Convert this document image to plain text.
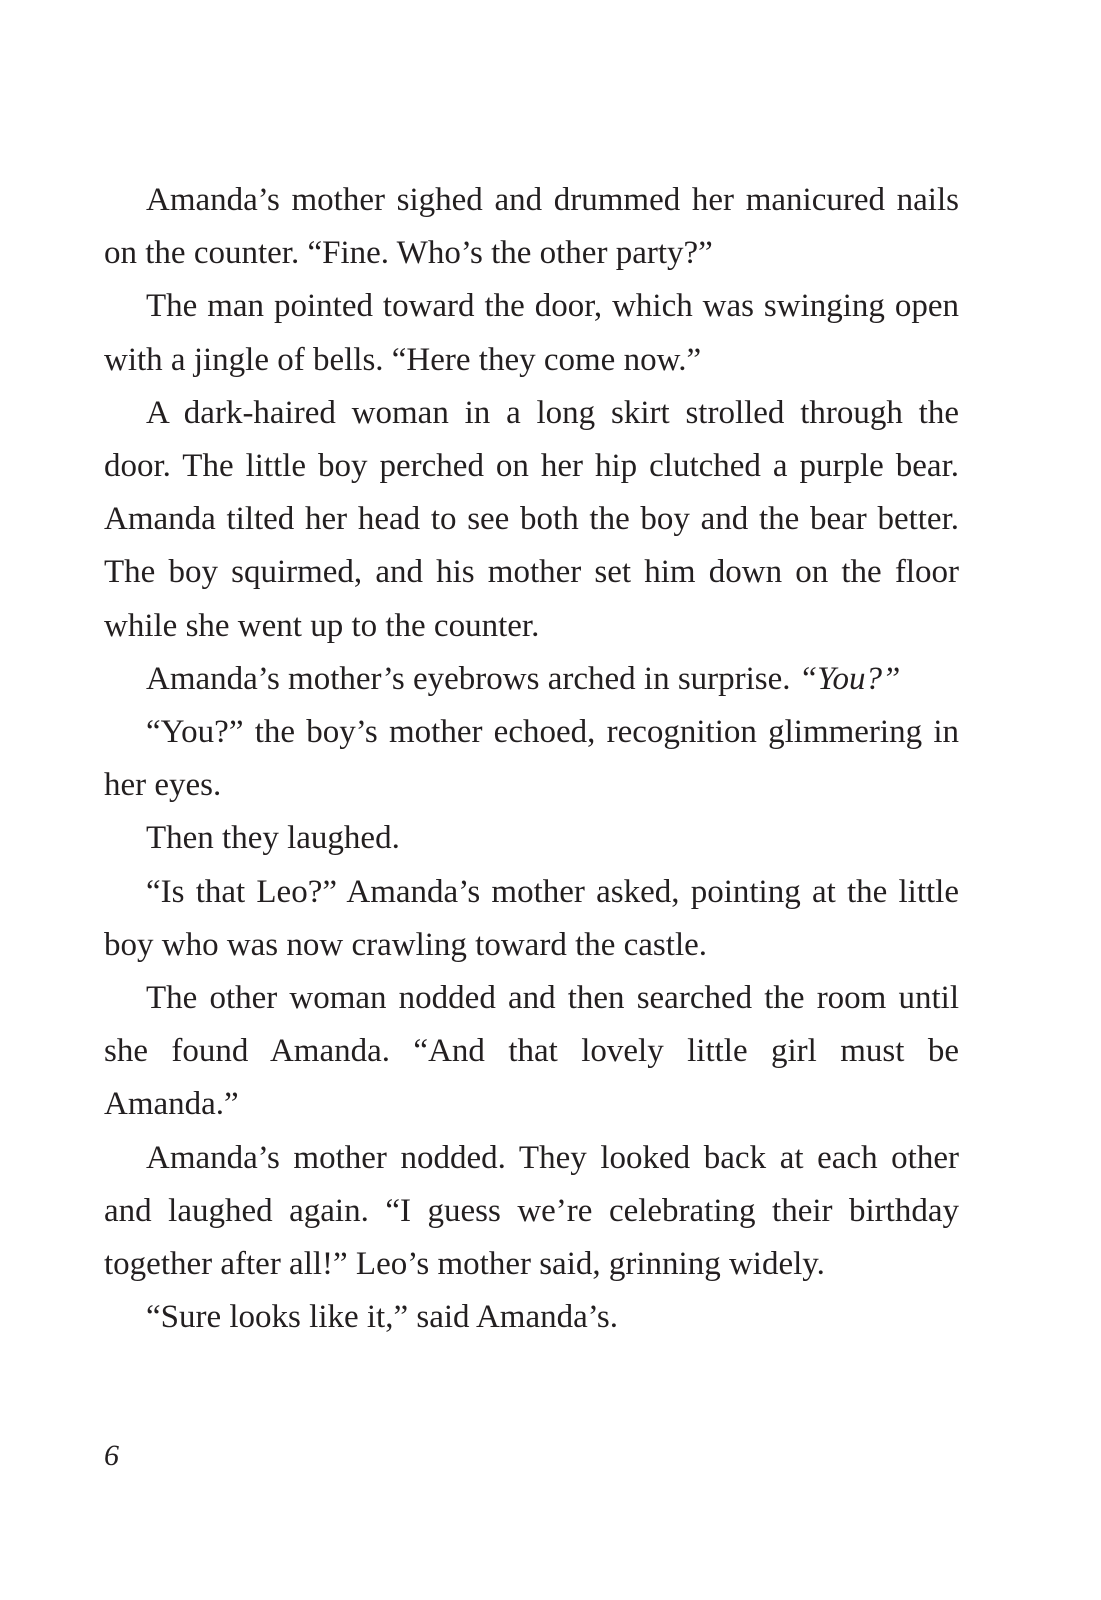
Amanda’s mother sighed and drummed her manicured nails on the counter. “Fine. Who’s the other party?”

The man pointed toward the door, which was swinging open with a jingle of bells. “Here they come now.”

A dark-haired woman in a long skirt strolled through the door. The little boy perched on her hip clutched a purple bear. Amanda tilted her head to see both the boy and the bear better. The boy squirmed, and his mother set him down on the floor while she went up to the counter.

Amanda’s mother’s eyebrows arched in surprise. “You?”

“You?” the boy’s mother echoed, recognition glimmering in her eyes.

Then they laughed.

“Is that Leo?” Amanda’s mother asked, pointing at the little boy who was now crawling toward the castle.

The other woman nodded and then searched the room until she found Amanda. “And that lovely little girl must be Amanda.”

Amanda’s mother nodded. They looked back at each other and laughed again. “I guess we’re celebrating their birthday together after all!” Leo’s mother said, grinning widely.

“Sure looks like it,” said Amanda’s.

6
